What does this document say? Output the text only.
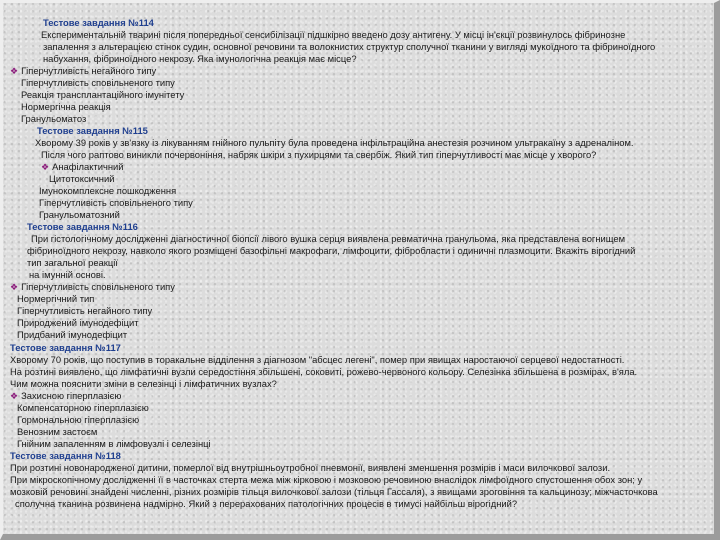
Тестове завдання №114
Експериментальній тварині після попередньої сенсибілізації підшкірно введено дозу антигену. У місці ін'єкції розвинулось фібринозне
запалення з альтерацією стінок судин, основної речовини та волокнистих структур сполучної тканини у вигляді мукоїдного та фібриноїдного
набухання, фібриноїдного некрозу. Яка імунологічна реакція має місце?
❖ Гіперчутливість негайного типу
Гіперчутливість сповільненого типу
Реакція трансплантаційного імунітету
Нормергічна реакція
Гранульоматоз
Тестове завдання №115
Хворому 39 років у зв'язку із лікуванням гнійного пульпіту була проведена інфільтраційна анестезія розчином ультракаїну з адреналіном.
Після чого раптово виникли почервоніння, набряк шкіри з пухирцями та свербіж. Який тип гіперчутливості має місце у хворого?
❖ Анафілактичний
Цитотоксичний
Імунокомплексне пошкодження
Гіперчутливість сповільненого типу
Гранульоматозний
Тестове завдання №116
При гістологічному дослідженні діагностичної біопсії лівого вушка серця виявлена ревматична гранульома, яка представлена вогнищем
фібриноїдного некрозу, навколо якого розміщені базофільні макрофаги, лімфоцити, фібробласти і одиничні плазмоцити. Вкажіть вірогідний
тип загальної реакції
на імунній основі.
❖ Гіперчутливість сповільненого типу
Нормергічний тип
Гіперчутливість негайного типу
Природжений імунодефіцит
Придбаний імунодефіцит
Тестове завдання №117
Хворому 70 років, що поступив в торакальне відділення з діагнозом "абсцес легені", помер при явищах наростаючої серцевої недостатності.
На розтині виявлено, що лімфатичні вузли середостіння збільшені, соковиті, рожево-червоного кольору. Селезінка збільшена в розмірах, в'яла.
Чим можна пояснити зміни в селезінці і лімфатичних вузлах?
❖ Захисною гіперплазією
Компенсаторною гіперплазією
Гормональною гіперплазією
Венозним застоєм
Гнійним запаленням в лімфовузлі і селезінці
Тестове завдання №118
При розтині новонародженої дитини, померлої від внутрішньоутробної пневмонії, виявлені зменшення розмірів і маси вилочкової залози.
При мікроскопічному дослідженні її в часточках стерта межа між кірковою і мозковою речовиною внаслідок лімфоїдного спустошення обох зон; у
мозковій речовині знайдені численні, різних розмірів тільця вилочкової залози (тільця Гассаля), з явищами зроговіння та кальцинозу; міжчасточкова
сполучна тканина розвинена надмірно. Який з перерахованих патологічних процесів в тимусі найбільш вірогідний?
